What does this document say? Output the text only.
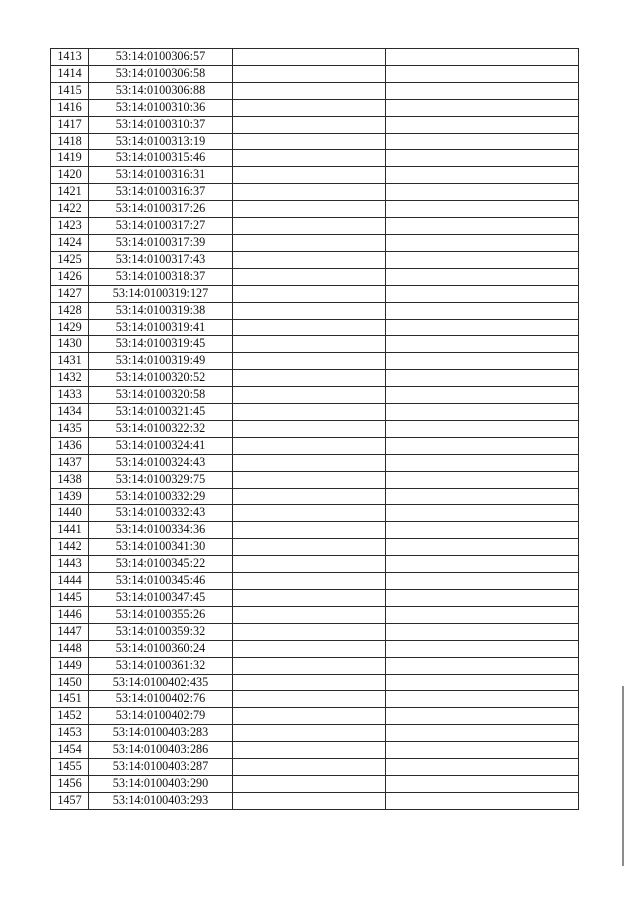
1413	53:14:0100306:57		
1414	53:14:0100306:58		
1415	53:14:0100306:88		
1416	53:14:0100310:36		
1417	53:14:0100310:37		
1418	53:14:0100313:19		
1419	53:14:0100315:46		
1420	53:14:0100316:31		
1421	53:14:0100316:37		
1422	53:14:0100317:26		
1423	53:14:0100317:27		
1424	53:14:0100317:39		
1425	53:14:0100317:43		
1426	53:14:0100318:37		
1427	53:14:0100319:127		
1428	53:14:0100319:38		
1429	53:14:0100319:41		
1430	53:14:0100319:45		
1431	53:14:0100319:49		
1432	53:14:0100320:52		
1433	53:14:0100320:58		
1434	53:14:0100321:45		
1435	53:14:0100322:32		
1436	53:14:0100324:41		
1437	53:14:0100324:43		
1438	53:14:0100329:75		
1439	53:14:0100332:29		
1440	53:14:0100332:43		
1441	53:14:0100334:36		
1442	53:14:0100341:30		
1443	53:14:0100345:22		
1444	53:14:0100345:46		
1445	53:14:0100347:45		
1446	53:14:0100355:26		
1447	53:14:0100359:32		
1448	53:14:0100360:24		
1449	53:14:0100361:32		
1450	53:14:0100402:435		
1451	53:14:0100402:76		
1452	53:14:0100402:79		
1453	53:14:0100403:283		
1454	53:14:0100403:286		
1455	53:14:0100403:287		
1456	53:14:0100403:290		
1457	53:14:0100403:293		
